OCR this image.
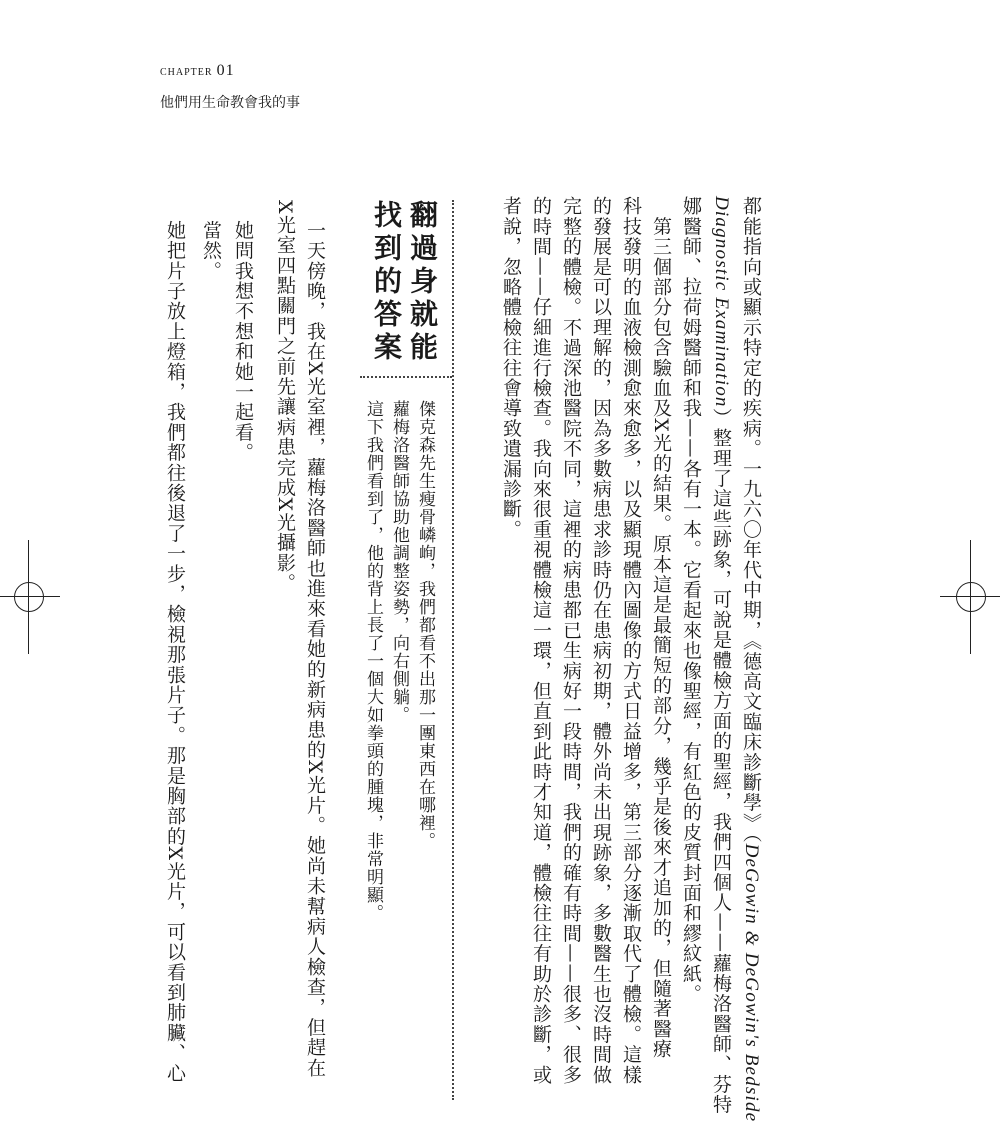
chapter 01
他們用生命教會我的事
都能指向或顯示特定的疾病。一九六〇年代中期，《德高文臨床診斷學》（DeGowin & DeGowin's Bedside
Diagnostic Examination）整理了這些跡象，可說是體檢方面的聖經，我們四個人——蘿梅洛醫師、芬特
娜醫師、拉荷姆醫師和我——各有一本。它看起來也像聖經，有紅色的皮質封面和繆紋紙。
　第三個部分包含驗血及X光的結果。原本這是最簡短的部分，幾乎是後來才追加的，但隨著醫療
科技發明的血液檢測愈來愈多，以及顯現體內圖像的方式日益增多，第三部分逐漸取代了體檢。這樣
的發展是可以理解的，因為多數病患求診時仍在患病初期，體外尚未出現跡象，多數醫生也沒時間做
完整的體檢。不過深池醫院不同，這裡的病患都已生病好一段時間，我們的確有時間——很多、很多
的時間——仔細進行檢查。我向來很重視體檢這一環，但直到此時才知道，體檢往往有助於診斷，或
者說，忽略體檢往往會導致遺漏診斷。
翻過身就能
找到的答案
傑克森先生瘦骨嶙峋，我們都看不出那一團東西在哪裡。
蘿梅洛醫師協助他調整姿勢，向右側躺。
這下我們看到了，他的背上長了一個大如拳頭的腫塊，非常明顯。
　一天傍晚，我在X光室裡，蘿梅洛醫師也進來看她的新病患的X光片。她尚未幫病人檢查，但趕在
X光室四點關門之前先讓病患完成X光攝影。
　她問我想不想和她一起看。
　當然。
　她把片子放上燈箱，我們都往後退了一步，檢視那張片子。那是胸部的X光片，可以看到肺臟、心
